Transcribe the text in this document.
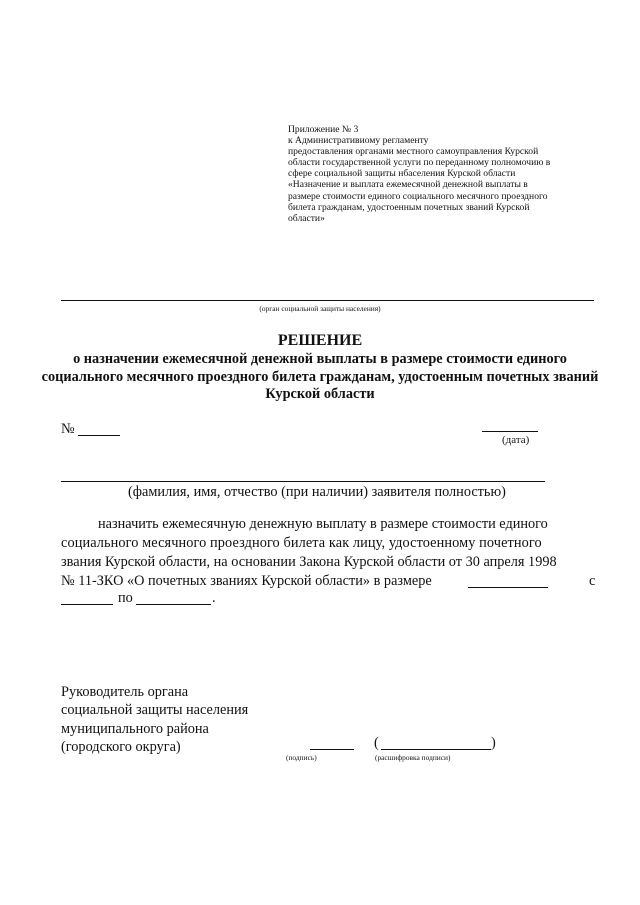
Приложение № 3
к Административиому регламенту
предоставления органами местного самоуправления Курской
области государственной услуги по переданному полномочию в
сфере социальной защиты нбаселения Курской области
«Назначение и выплата ежемесячной денежной выплаты в
размере стоимости единого социального месячного проездного
билета гражданам, удостоенным почетных званий Курской
области»
(орган социальной защиты населения)
РЕШЕНИЕ
о назначении ежемесячной денежной выплаты в размере стоимости единого социального месячного проездного билета гражданам, удостоенным почетных званий Курской области
№
(дата)
(фамилия, имя, отчество (при наличии) заявителя полностью)
назначить ежемесячную денежную выплату в размере стоимости единого
социального месячного проездного билета как лицу, удостоенному почетного
звания Курской области, на основании Закона Курской области от 30 апреля 1998
№ 11-ЗКО «О почетных званиях Курской области» в размере	с
по	.
Руководитель органа
социальной защиты населения
муниципального района
(городского округа)
(подпись)
(	)
(расшифровка подписи)
